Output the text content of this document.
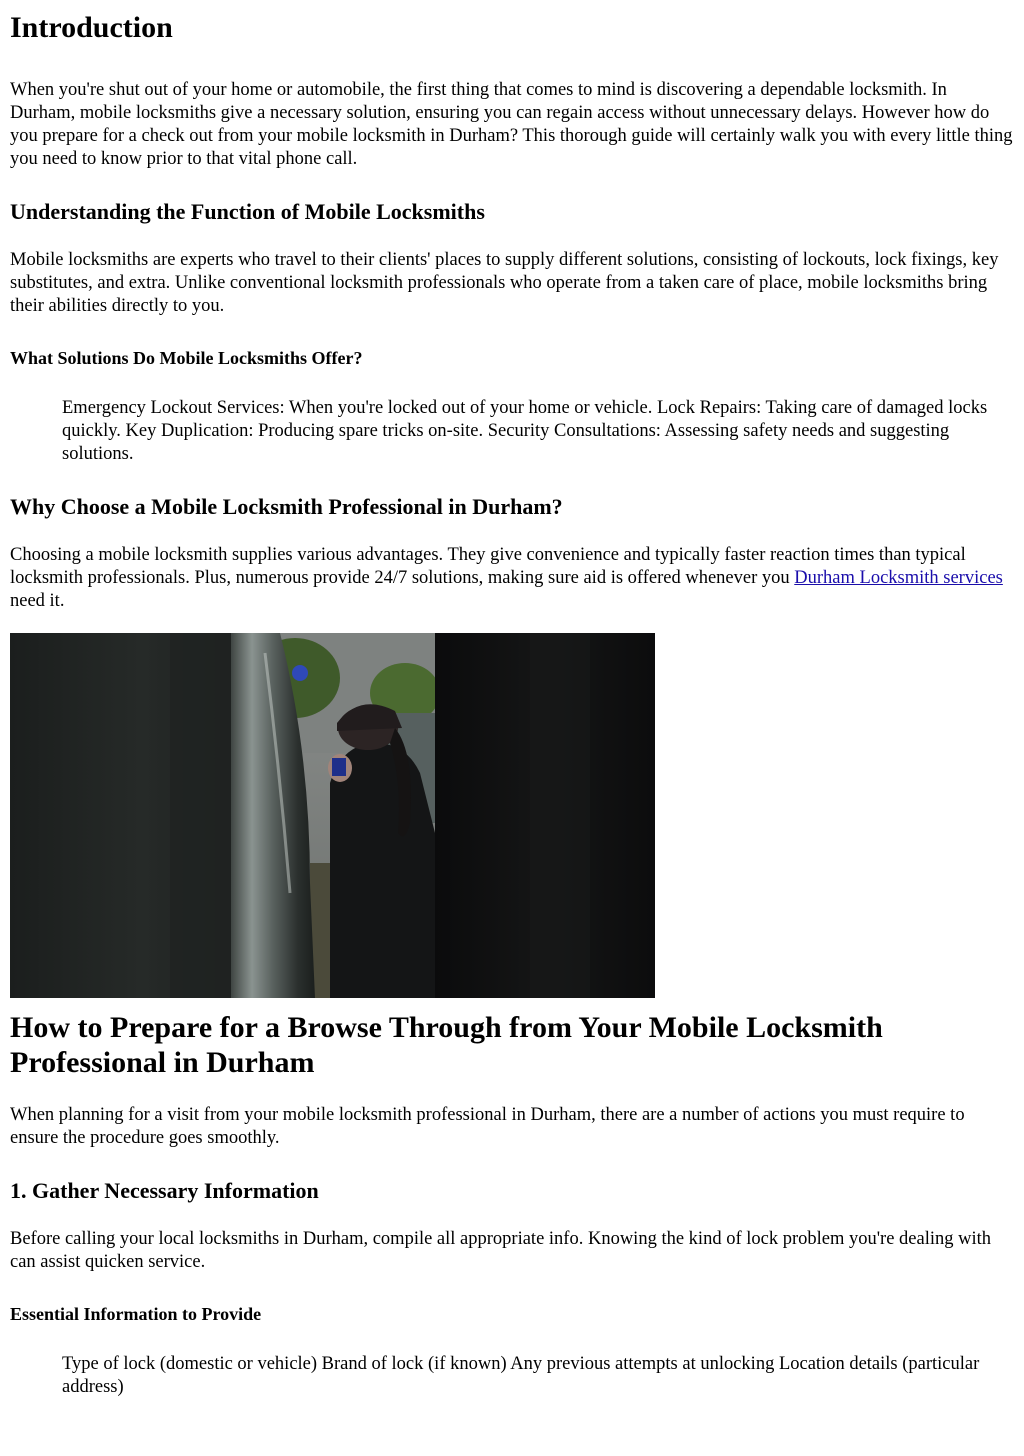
Introduction

When you're shut out of your home or automobile, the first thing that comes to mind is discovering a dependable locksmith. In Durham, mobile locksmiths give a necessary solution, ensuring you can regain access without unnecessary delays. However how do you prepare for a check out from your mobile locksmith in Durham? This thorough guide will certainly walk you with every little thing you need to know prior to that vital phone call.

Understanding the Function of Mobile Locksmiths

Mobile locksmiths are experts who travel to their clients' places to supply different solutions, consisting of lockouts, lock fixings, key substitutes, and extra. Unlike conventional locksmith professionals who operate from a taken care of place, mobile locksmiths bring their abilities directly to you.

What Solutions Do Mobile Locksmiths Offer?
Emergency Lockout Services: When you're locked out of your home or vehicle. Lock Repairs: Taking care of damaged locks quickly. Key Duplication: Producing spare tricks on-site. Security Consultations: Assessing safety needs and suggesting solutions.
Why Choose a Mobile Locksmith Professional in Durham?

Choosing a mobile locksmith supplies various advantages. They give convenience and typically faster reaction times than typical locksmith professionals. Plus, numerous provide 24/7 solutions, making sure aid is offered whenever you Durham Locksmith services need it.

How to Prepare for a Browse Through from Your Mobile Locksmith Professional in Durham

When planning for a visit from your mobile locksmith professional in Durham, there are a number of actions you must require to ensure the procedure goes smoothly.

1. Gather Necessary Information

Before calling your local locksmiths in Durham, compile all appropriate info. Knowing the kind of lock problem you're dealing with can assist quicken service.

Essential Information to Provide
Type of lock (domestic or vehicle) Brand of lock (if known) Any previous attempts at unlocking Location details (particular address)
